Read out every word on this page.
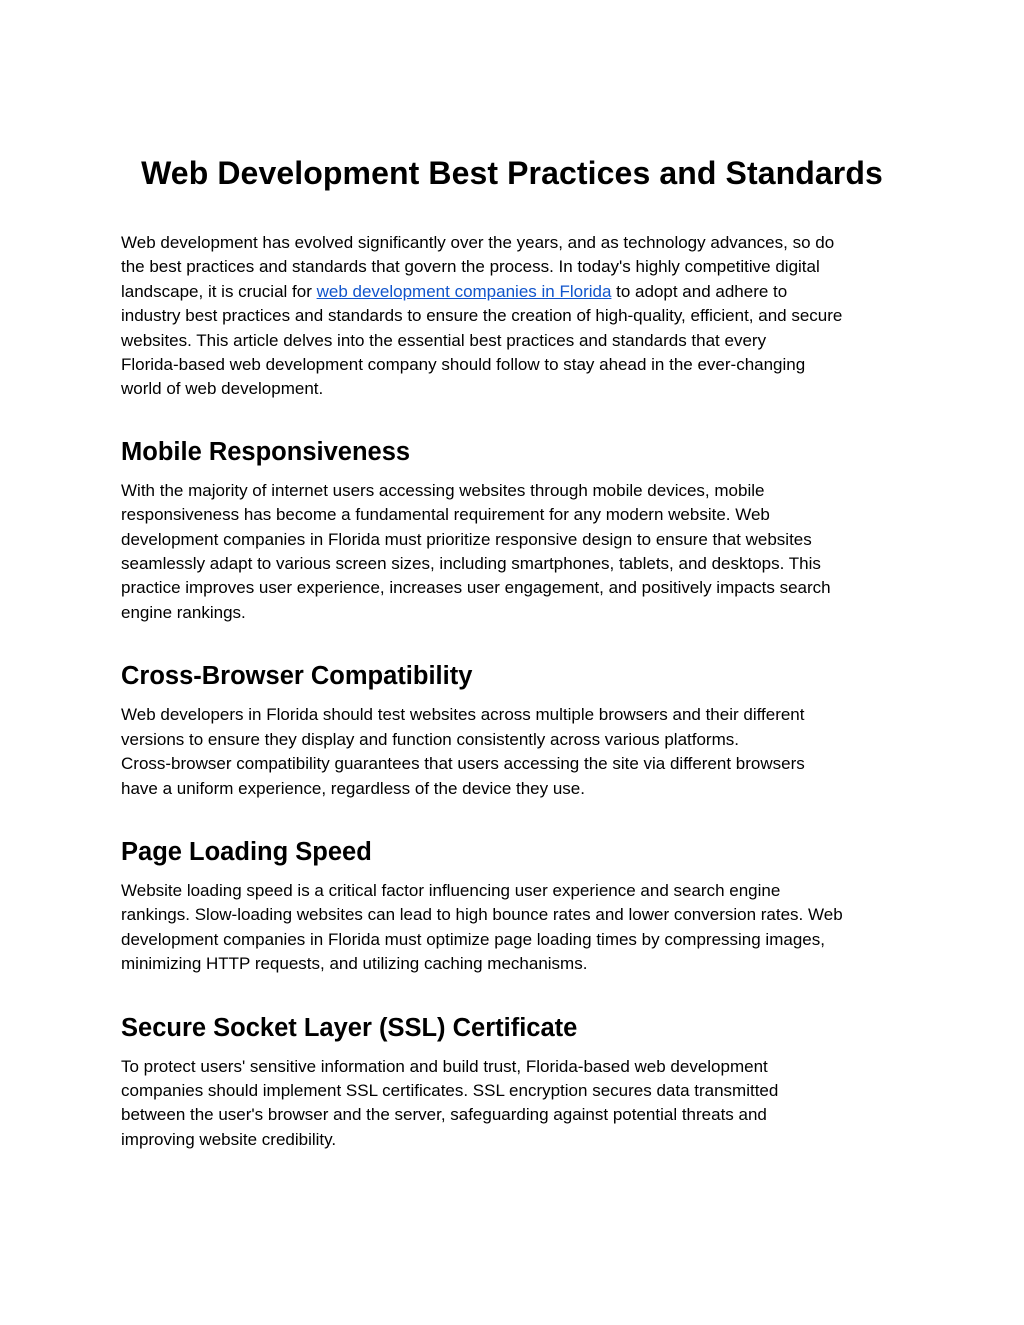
Web Development Best Practices and Standards

Web development has evolved significantly over the years, and as technology advances, so do
the best practices and standards that govern the process. In today's highly competitive digital
landscape, it is crucial for web development companies in Florida to adopt and adhere to
industry best practices and standards to ensure the creation of high-quality, efficient, and secure
websites. This article delves into the essential best practices and standards that every
Florida-based web development company should follow to stay ahead in the ever-changing
world of web development.

Mobile Responsiveness

With the majority of internet users accessing websites through mobile devices, mobile
responsiveness has become a fundamental requirement for any modern website. Web
development companies in Florida must prioritize responsive design to ensure that websites
seamlessly adapt to various screen sizes, including smartphones, tablets, and desktops. This
practice improves user experience, increases user engagement, and positively impacts search
engine rankings.

Cross-Browser Compatibility

Web developers in Florida should test websites across multiple browsers and their different
versions to ensure they display and function consistently across various platforms.
Cross-browser compatibility guarantees that users accessing the site via different browsers
have a uniform experience, regardless of the device they use.

Page Loading Speed

Website loading speed is a critical factor influencing user experience and search engine
rankings. Slow-loading websites can lead to high bounce rates and lower conversion rates. Web
development companies in Florida must optimize page loading times by compressing images,
minimizing HTTP requests, and utilizing caching mechanisms.

Secure Socket Layer (SSL) Certificate

To protect users' sensitive information and build trust, Florida-based web development
companies should implement SSL certificates. SSL encryption secures data transmitted
between the user's browser and the server, safeguarding against potential threats and
improving website credibility.
